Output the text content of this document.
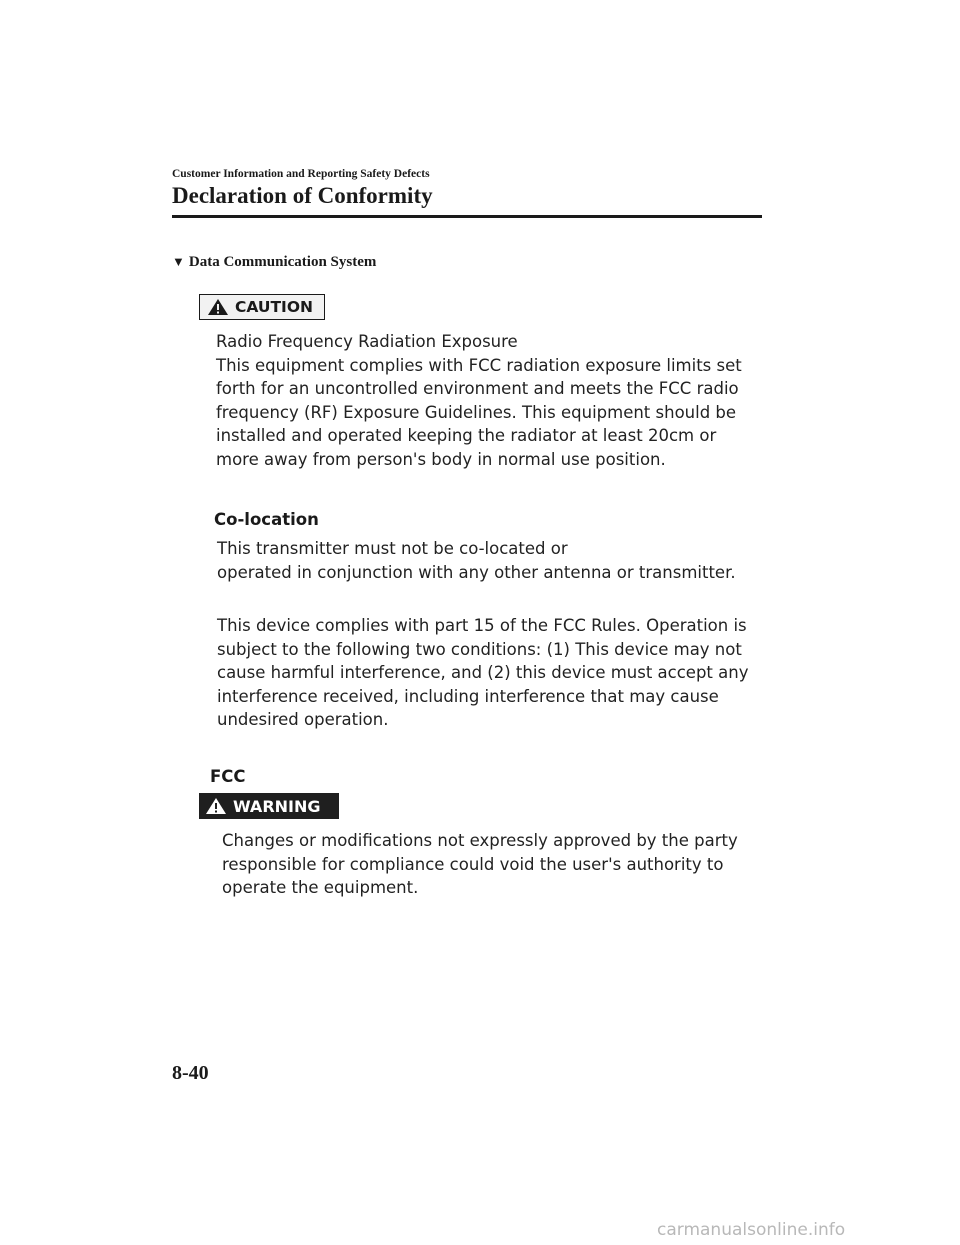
Customer Information and Reporting Safety Defects
Declaration of Conformity
▼ Data Communication System
CAUTION
Radio Frequency Radiation Exposure
This equipment complies with FCC radiation exposure limits set
forth for an uncontrolled environment and meets the FCC radio
frequency (RF) Exposure Guidelines. This equipment should be
installed and operated keeping the radiator at least 20cm or
more away from person's body in normal use position.
Co-location
This transmitter must not be co-located or
operated in conjunction with any other antenna or transmitter.
This device complies with part 15 of the FCC Rules. Operation is
subject to the following two conditions: (1) This device may not
cause harmful interference, and (2) this device must accept any
interference received, including interference that may cause
undesired operation.
FCC
WARNING
Changes or modifications not expressly approved by the party
responsible for compliance could void the user's authority to
operate the equipment.
8-40
carmanualsonline.info
